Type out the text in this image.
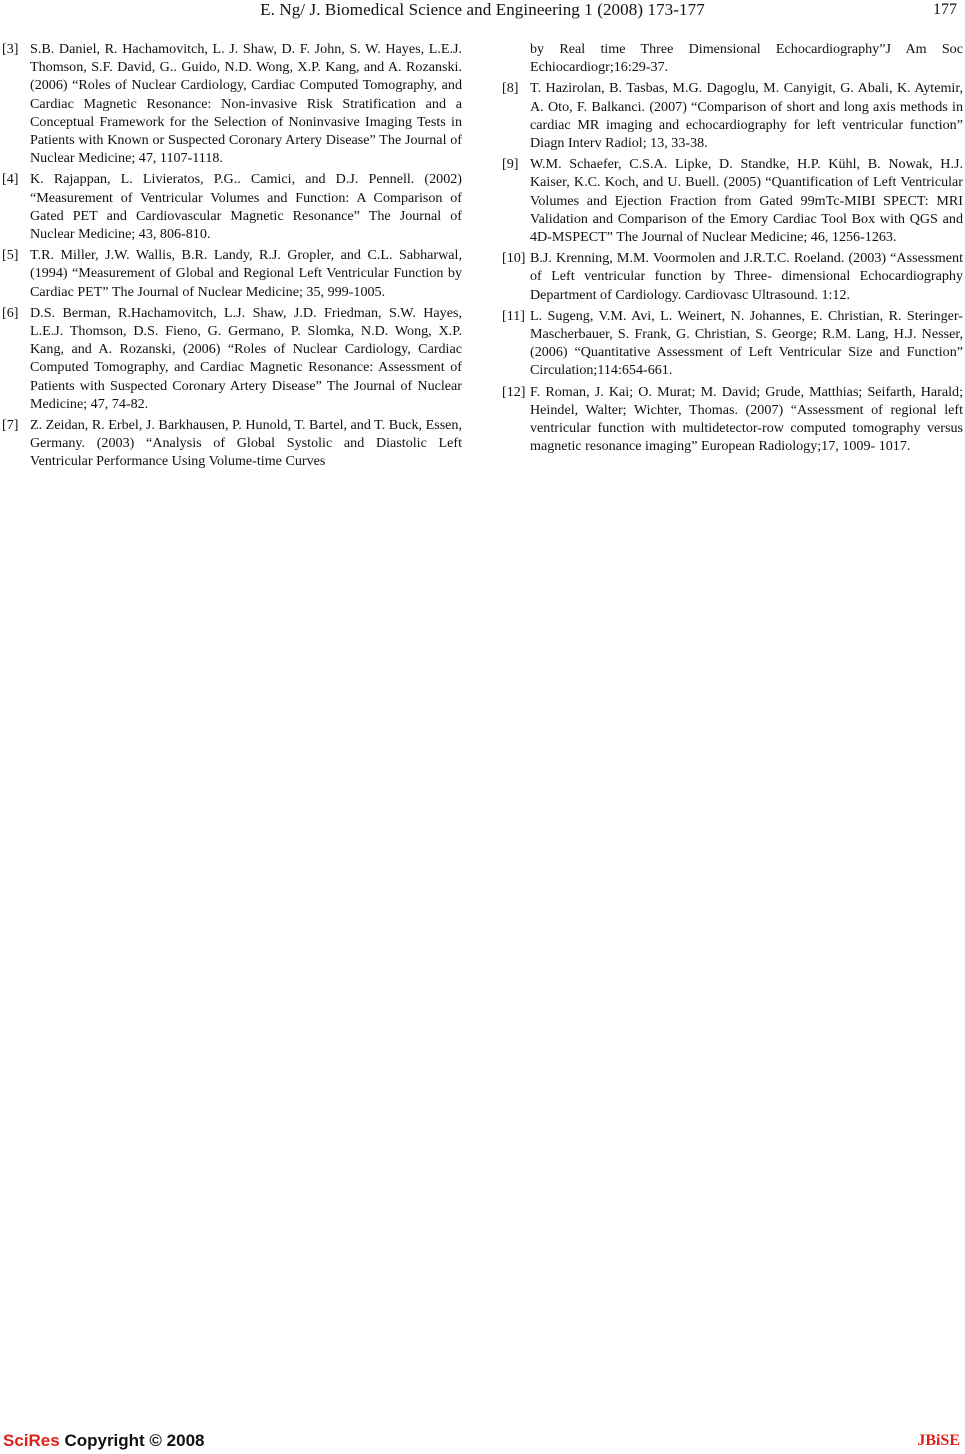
E. Ng/ J. Biomedical Science and Engineering 1 (2008) 173-177	177
[3] S.B. Daniel, R. Hachamovitch, L. J. Shaw, D. F. John, S. W. Hayes, L.E.J. Thomson, S.F. David, G.. Guido, N.D. Wong, X.P. Kang, and A. Rozanski. (2006) “Roles of Nuclear Cardiology, Cardiac Computed Tomography, and Cardiac Magnetic Resonance: Non-invasive Risk Stratification and a Conceptual Framework for the Selection of Noninvasive Imaging Tests in Patients with Known or Suspected Coronary Artery Disease” The Journal of Nuclear Medicine; 47, 1107-1118.
[4] K. Rajappan, L. Livieratos, P.G.. Camici, and D.J. Pennell. (2002) “Measurement of Ventricular Volumes and Function: A Comparison of Gated PET and Cardiovascular Magnetic Resonance” The Journal of Nuclear Medicine; 43, 806-810.
[5] T.R. Miller, J.W. Wallis, B.R. Landy, R.J. Gropler, and C.L. Sabharwal, (1994) “Measurement of Global and Regional Left Ventricular Function by Cardiac PET” The Journal of Nuclear Medicine; 35, 999-1005.
[6] D.S. Berman, R.Hachamovitch, L.J. Shaw, J.D. Friedman, S.W. Hayes, L.E.J. Thomson, D.S. Fieno, G. Germano, P. Slomka, N.D. Wong, X.P. Kang, and A. Rozanski, (2006) “Roles of Nuclear Cardiology, Cardiac Computed Tomography, and Cardiac Magnetic Resonance: Assessment of Patients with Suspected Coronary Artery Disease” The Journal of Nuclear Medicine; 47, 74-82.
[7] Z. Zeidan, R. Erbel, J. Barkhausen, P. Hunold, T. Bartel, and T. Buck, Essen, Germany. (2003) “Analysis of Global Systolic and Diastolic Left Ventricular Performance Using Volume-time Curves
by Real time Three Dimensional Echocardiography”J Am Soc Echiocardiogr;16:29-37.
[8] T. Hazirolan, B. Tasbas, M.G. Dagoglu, M. Canyigit, G. Abali, K. Aytemir, A. Oto, F. Balkanci. (2007) “Comparison of short and long axis methods in cardiac MR imaging and echocardiography for left ventricular function” Diagn Interv Radiol; 13, 33-38.
[9] W.M. Schaefer, C.S.A. Lipke, D. Standke, H.P. Kühl, B. Nowak, H.J. Kaiser, K.C. Koch, and U. Buell. (2005) “Quantification of Left Ventricular Volumes and Ejection Fraction from Gated 99mTc-MIBI SPECT: MRI Validation and Comparison of the Emory Cardiac Tool Box with QGS and 4D-MSPECT” The Journal of Nuclear Medicine; 46, 1256-1263.
[10] B.J. Krenning, M.M. Voormolen and J.R.T.C. Roeland. (2003) “Assessment of Left ventricular function by Three- dimensional Echocardiography Department of Cardiology. Cardiovasc Ultrasound. 1:12.
[11] L. Sugeng, V.M. Avi, L. Weinert, N. Johannes, E. Christian, R. Steringer-Mascherbauer, S. Frank, G. Christian, S. George; R.M. Lang, H.J. Nesser, (2006) “Quantitative Assessment of Left Ventricular Size and Function” Circulation;114:654-661.
[12] F. Roman, J. Kai; O. Murat; M. David; Grude, Matthias; Seifarth, Harald; Heindel, Walter; Wichter, Thomas. (2007) “Assessment of regional left ventricular function with multidetector-row computed tomography versus magnetic resonance imaging” European Radiology;17, 1009- 1017.
SciRes Copyright © 2008	JBiSE
